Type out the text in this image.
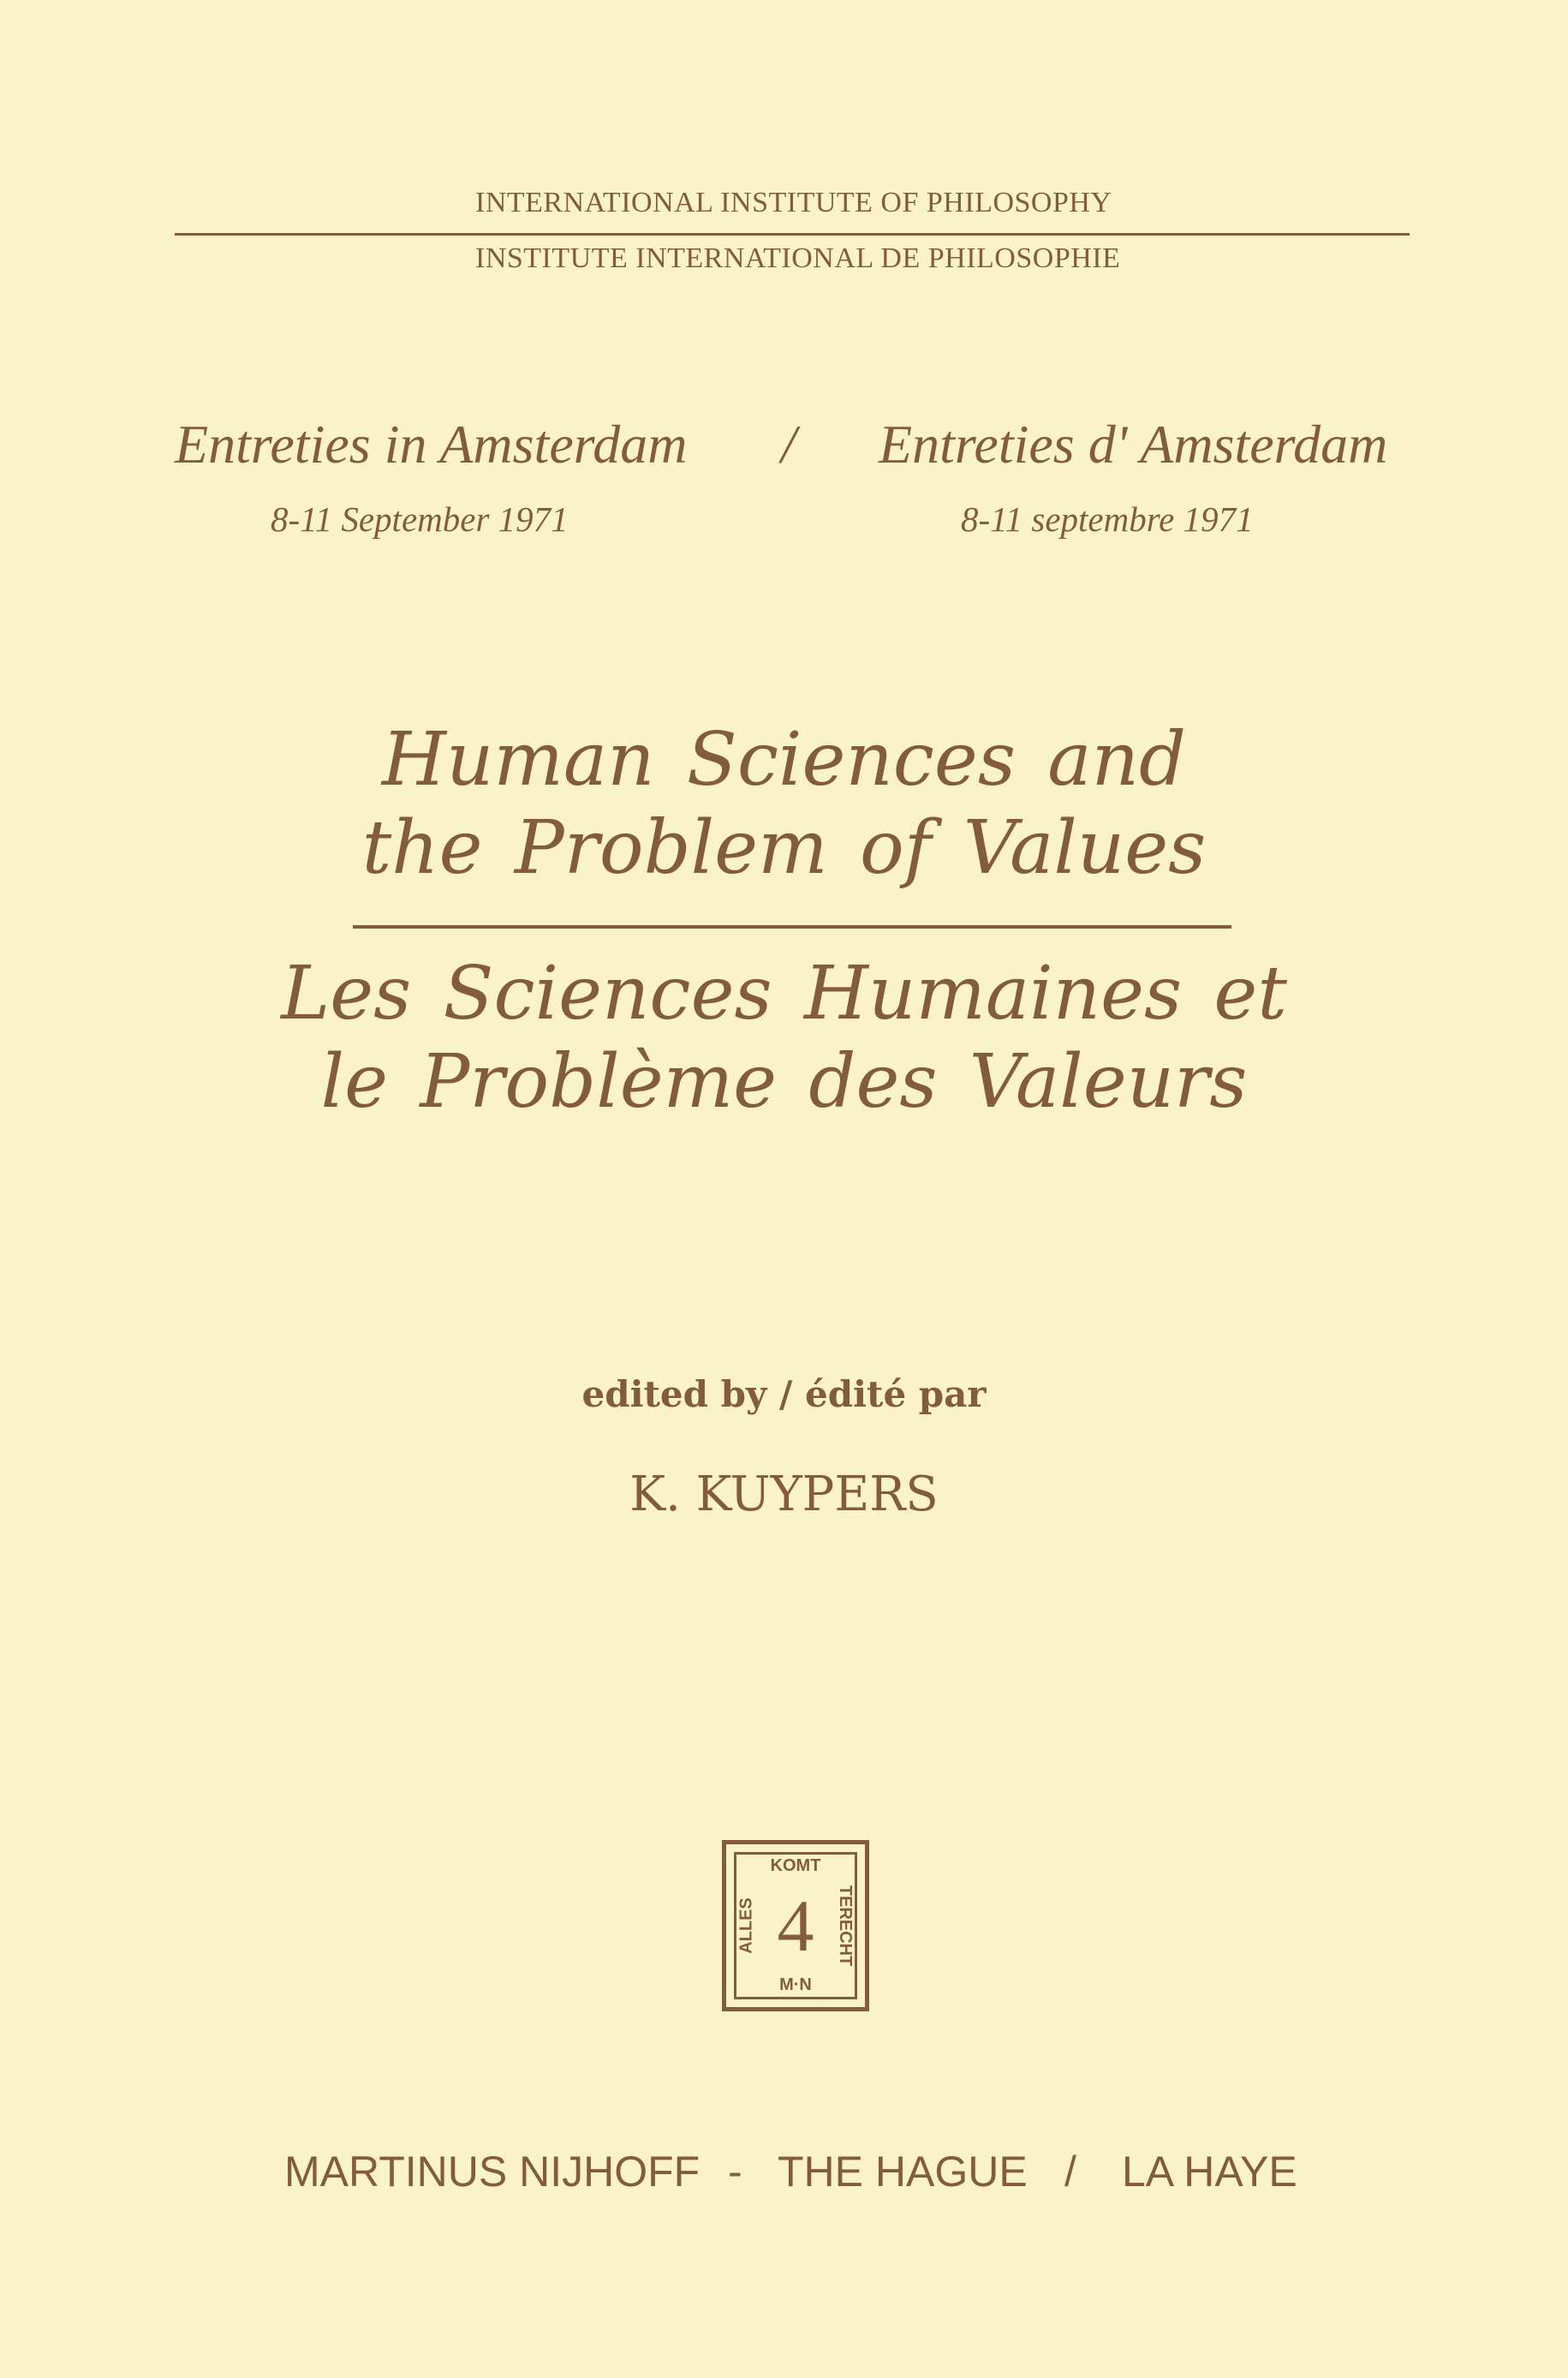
INTERNATIONAL INSTITUTE OF PHILOSOPHY
INSTITUTE INTERNATIONAL DE PHILOSOPHIE
Entreties in Amsterdam / Entreties d' Amsterdam
8-11 September 1971	8-11 septembre 1971
Human Sciences and
the Problem of Values
Les Sciences Humaines et
le Problème des Valeurs
edited by / édité par
K. KUYPERS
KOMT
TERECHT
M·N
ALLES 4
MARTINUS NIJHOFF - THE HAGUE / LA HAYE
